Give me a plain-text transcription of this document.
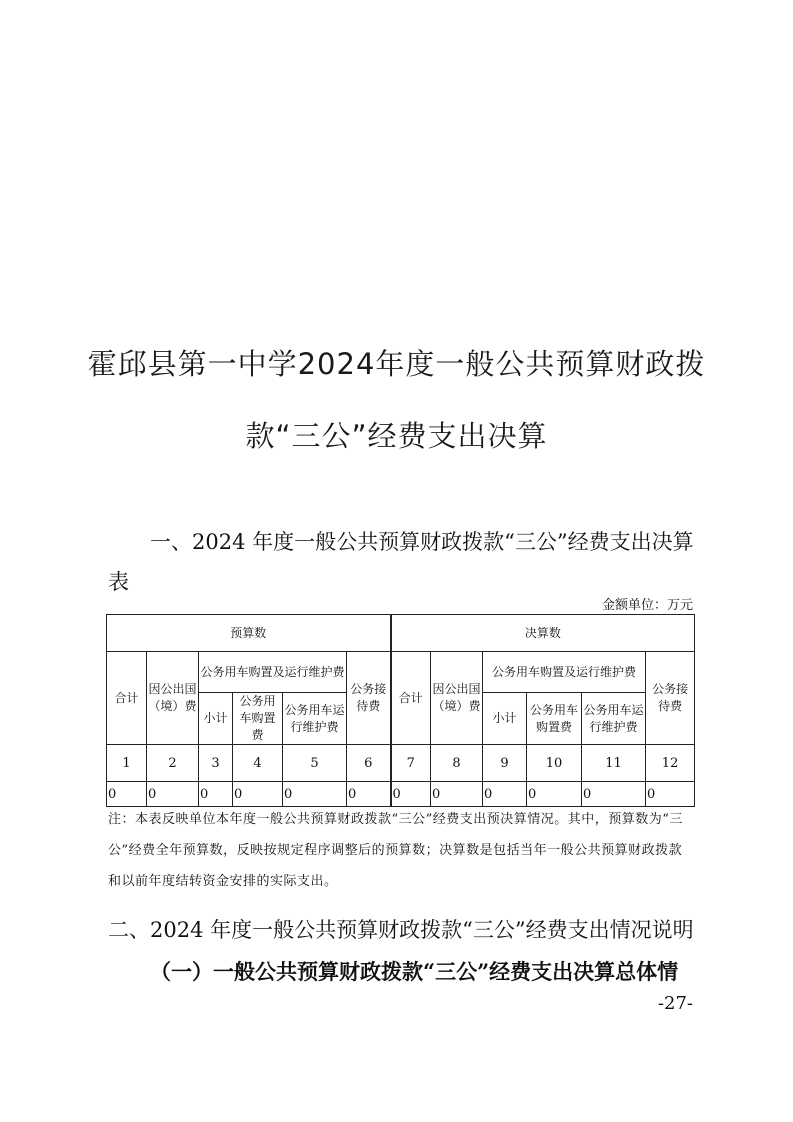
霍邱县第一中学2024年度一般公共预算财政拨
款“三公”经费支出决算
一、2024 年度一般公共预算财政拨款“三公”经费支出决算表
金额单位：万元
预算数						决算数					
合计	因公出国（境）费	公务用车购置及运行维护费			公务接待费	合计	因公出国（境）费	公务用车购置及运行维护费			公务接待费
		小计	公务用车购置费	公务用车运行维护费				小计	公务用车购置费	公务用车运行维护费	
1	2	3	4	5	6	7	8	9	10	11	12
0	0	0	0	0	0	0	0	0	0	0	0
注：本表反映单位本年度一般公共预算财政拨款“三公”经费支出预决算情况。其中，预算数为“三公”经费全年预算数，反映按规定程序调整后的预算数；决算数是包括当年一般公共预算财政拨款和以前年度结转资金安排的实际支出。
二、2024 年度一般公共预算财政拨款“三公”经费支出情况说明
（一）一般公共预算财政拨款“三公”经费支出决算总体情
-27-
